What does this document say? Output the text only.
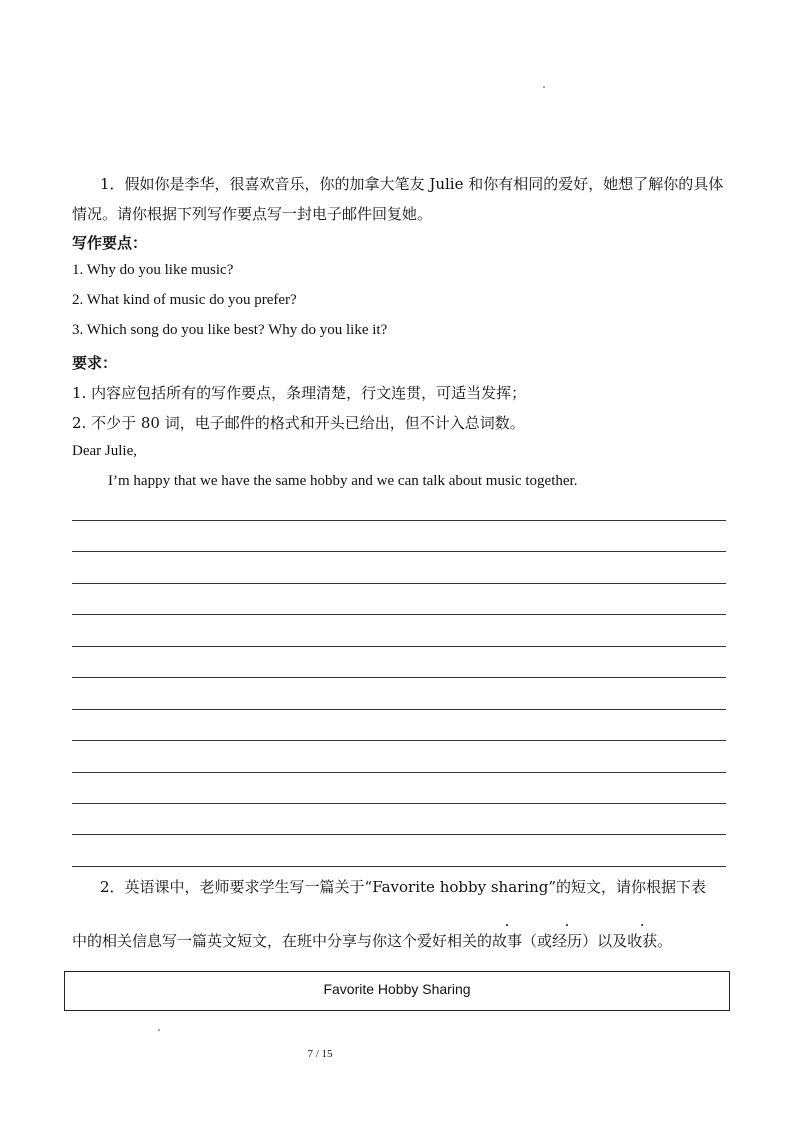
1．假如你是李华，很喜欢音乐，你的加拿大笔友 Julie 和你有相同的爱好，她想了解你的具体情况。请你根据下列写作要点写一封电子邮件回复她。
写作要点：
1. Why do you like music?
2. What kind of music do you prefer?
3. Which song do you like best? Why do you like it?
要求：
1. 内容应包括所有的写作要点，条理清楚，行文连贯，可适当发挥；
2. 不少于 80 词，电子邮件的格式和开头已给出，但不计入总词数。
Dear Julie,
I’m happy that we have the same hobby and we can talk about music together.
2．英语课中，老师要求学生写一篇关于“Favorite hobby sharing”的短文，请你根据下表
中的相关信息写一篇英文短文，在班中分享与你这个爱好相关的故事（或经历）以及收获。
Favorite Hobby Sharing
7 / 15
